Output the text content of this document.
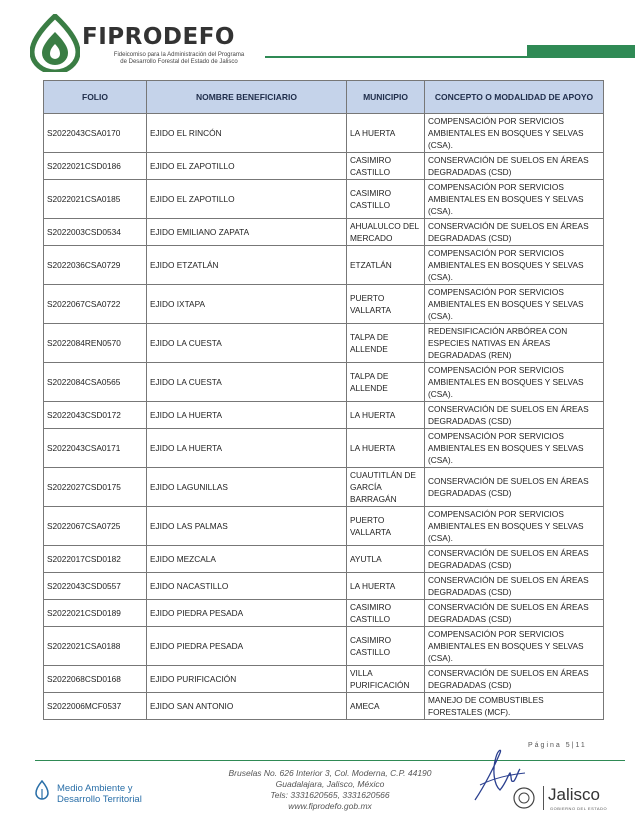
FIPRODEFO
Fideicomiso para la Administración del Programa
de Desarrollo Forestal del Estado de Jalisco
FOLIO	NOMBRE BENEFICIARIO	MUNICIPIO	CONCEPTO O MODALIDAD DE APOYO
S2022043CSA0170	EJIDO EL RINCÓN	LA HUERTA	COMPENSACIÓN POR SERVICIOS AMBIENTALES EN BOSQUES Y SELVAS (CSA).
S2022021CSD0186	EJIDO EL ZAPOTILLO	CASIMIRO CASTILLO	CONSERVACIÓN DE SUELOS EN ÁREAS DEGRADADAS (CSD)
S2022021CSA0185	EJIDO EL ZAPOTILLO	CASIMIRO CASTILLO	COMPENSACIÓN POR SERVICIOS AMBIENTALES EN BOSQUES Y SELVAS (CSA).
S2022003CSD0534	EJIDO EMILIANO ZAPATA	AHUALULCO DEL MERCADO	CONSERVACIÓN DE SUELOS EN ÁREAS DEGRADADAS (CSD)
S2022036CSA0729	EJIDO ETZATLÁN	ETZATLÁN	COMPENSACIÓN POR SERVICIOS AMBIENTALES EN BOSQUES Y SELVAS (CSA).
S2022067CSA0722	EJIDO IXTAPA	PUERTO VALLARTA	COMPENSACIÓN POR SERVICIOS AMBIENTALES EN BOSQUES Y SELVAS (CSA).
S2022084REN0570	EJIDO LA CUESTA	TALPA DE ALLENDE	REDENSIFICACIÓN ARBÓREA CON ESPECIES NATIVAS EN ÁREAS DEGRADADAS (REN)
S2022084CSA0565	EJIDO LA CUESTA	TALPA DE ALLENDE	COMPENSACIÓN POR SERVICIOS AMBIENTALES EN BOSQUES Y SELVAS (CSA).
S2022043CSD0172	EJIDO LA HUERTA	LA HUERTA	CONSERVACIÓN DE SUELOS EN ÁREAS DEGRADADAS (CSD)
S2022043CSA0171	EJIDO LA HUERTA	LA HUERTA	COMPENSACIÓN POR SERVICIOS AMBIENTALES EN BOSQUES Y SELVAS (CSA).
S2022027CSD0175	EJIDO LAGUNILLAS	CUAUTITLÁN DE GARCÍA BARRAGÁN	CONSERVACIÓN DE SUELOS EN ÁREAS DEGRADADAS (CSD)
S2022067CSA0725	EJIDO LAS PALMAS	PUERTO VALLARTA	COMPENSACIÓN POR SERVICIOS AMBIENTALES EN BOSQUES Y SELVAS (CSA).
S2022017CSD0182	EJIDO MEZCALA	AYUTLA	CONSERVACIÓN DE SUELOS EN ÁREAS DEGRADADAS (CSD)
S2022043CSD0557	EJIDO NACASTILLO	LA HUERTA	CONSERVACIÓN DE SUELOS EN ÁREAS DEGRADADAS (CSD)
S2022021CSD0189	EJIDO PIEDRA PESADA	CASIMIRO CASTILLO	CONSERVACIÓN DE SUELOS EN ÁREAS DEGRADADAS (CSD)
S2022021CSA0188	EJIDO PIEDRA PESADA	CASIMIRO CASTILLO	COMPENSACIÓN POR SERVICIOS AMBIENTALES EN BOSQUES Y SELVAS (CSA).
S2022068CSD0168	EJIDO PURIFICACIÓN	VILLA PURIFICACIÓN	CONSERVACIÓN DE SUELOS EN ÁREAS DEGRADADAS (CSD)
S2022006MCF0537	EJIDO SAN ANTONIO	AMECA	MANEJO DE COMBUSTIBLES FORESTALES (MCF).
Página 5|11
Medio Ambiente y
Desarrollo Territorial
Bruselas No. 626 Interior 3, Col. Moderna, C.P. 44190
Guadalajara, Jalisco, México
Tels: 3331620565, 3331620566
www.fiprodefo.gob.mx
Jalisco
GOBIERNO DEL ESTADO
